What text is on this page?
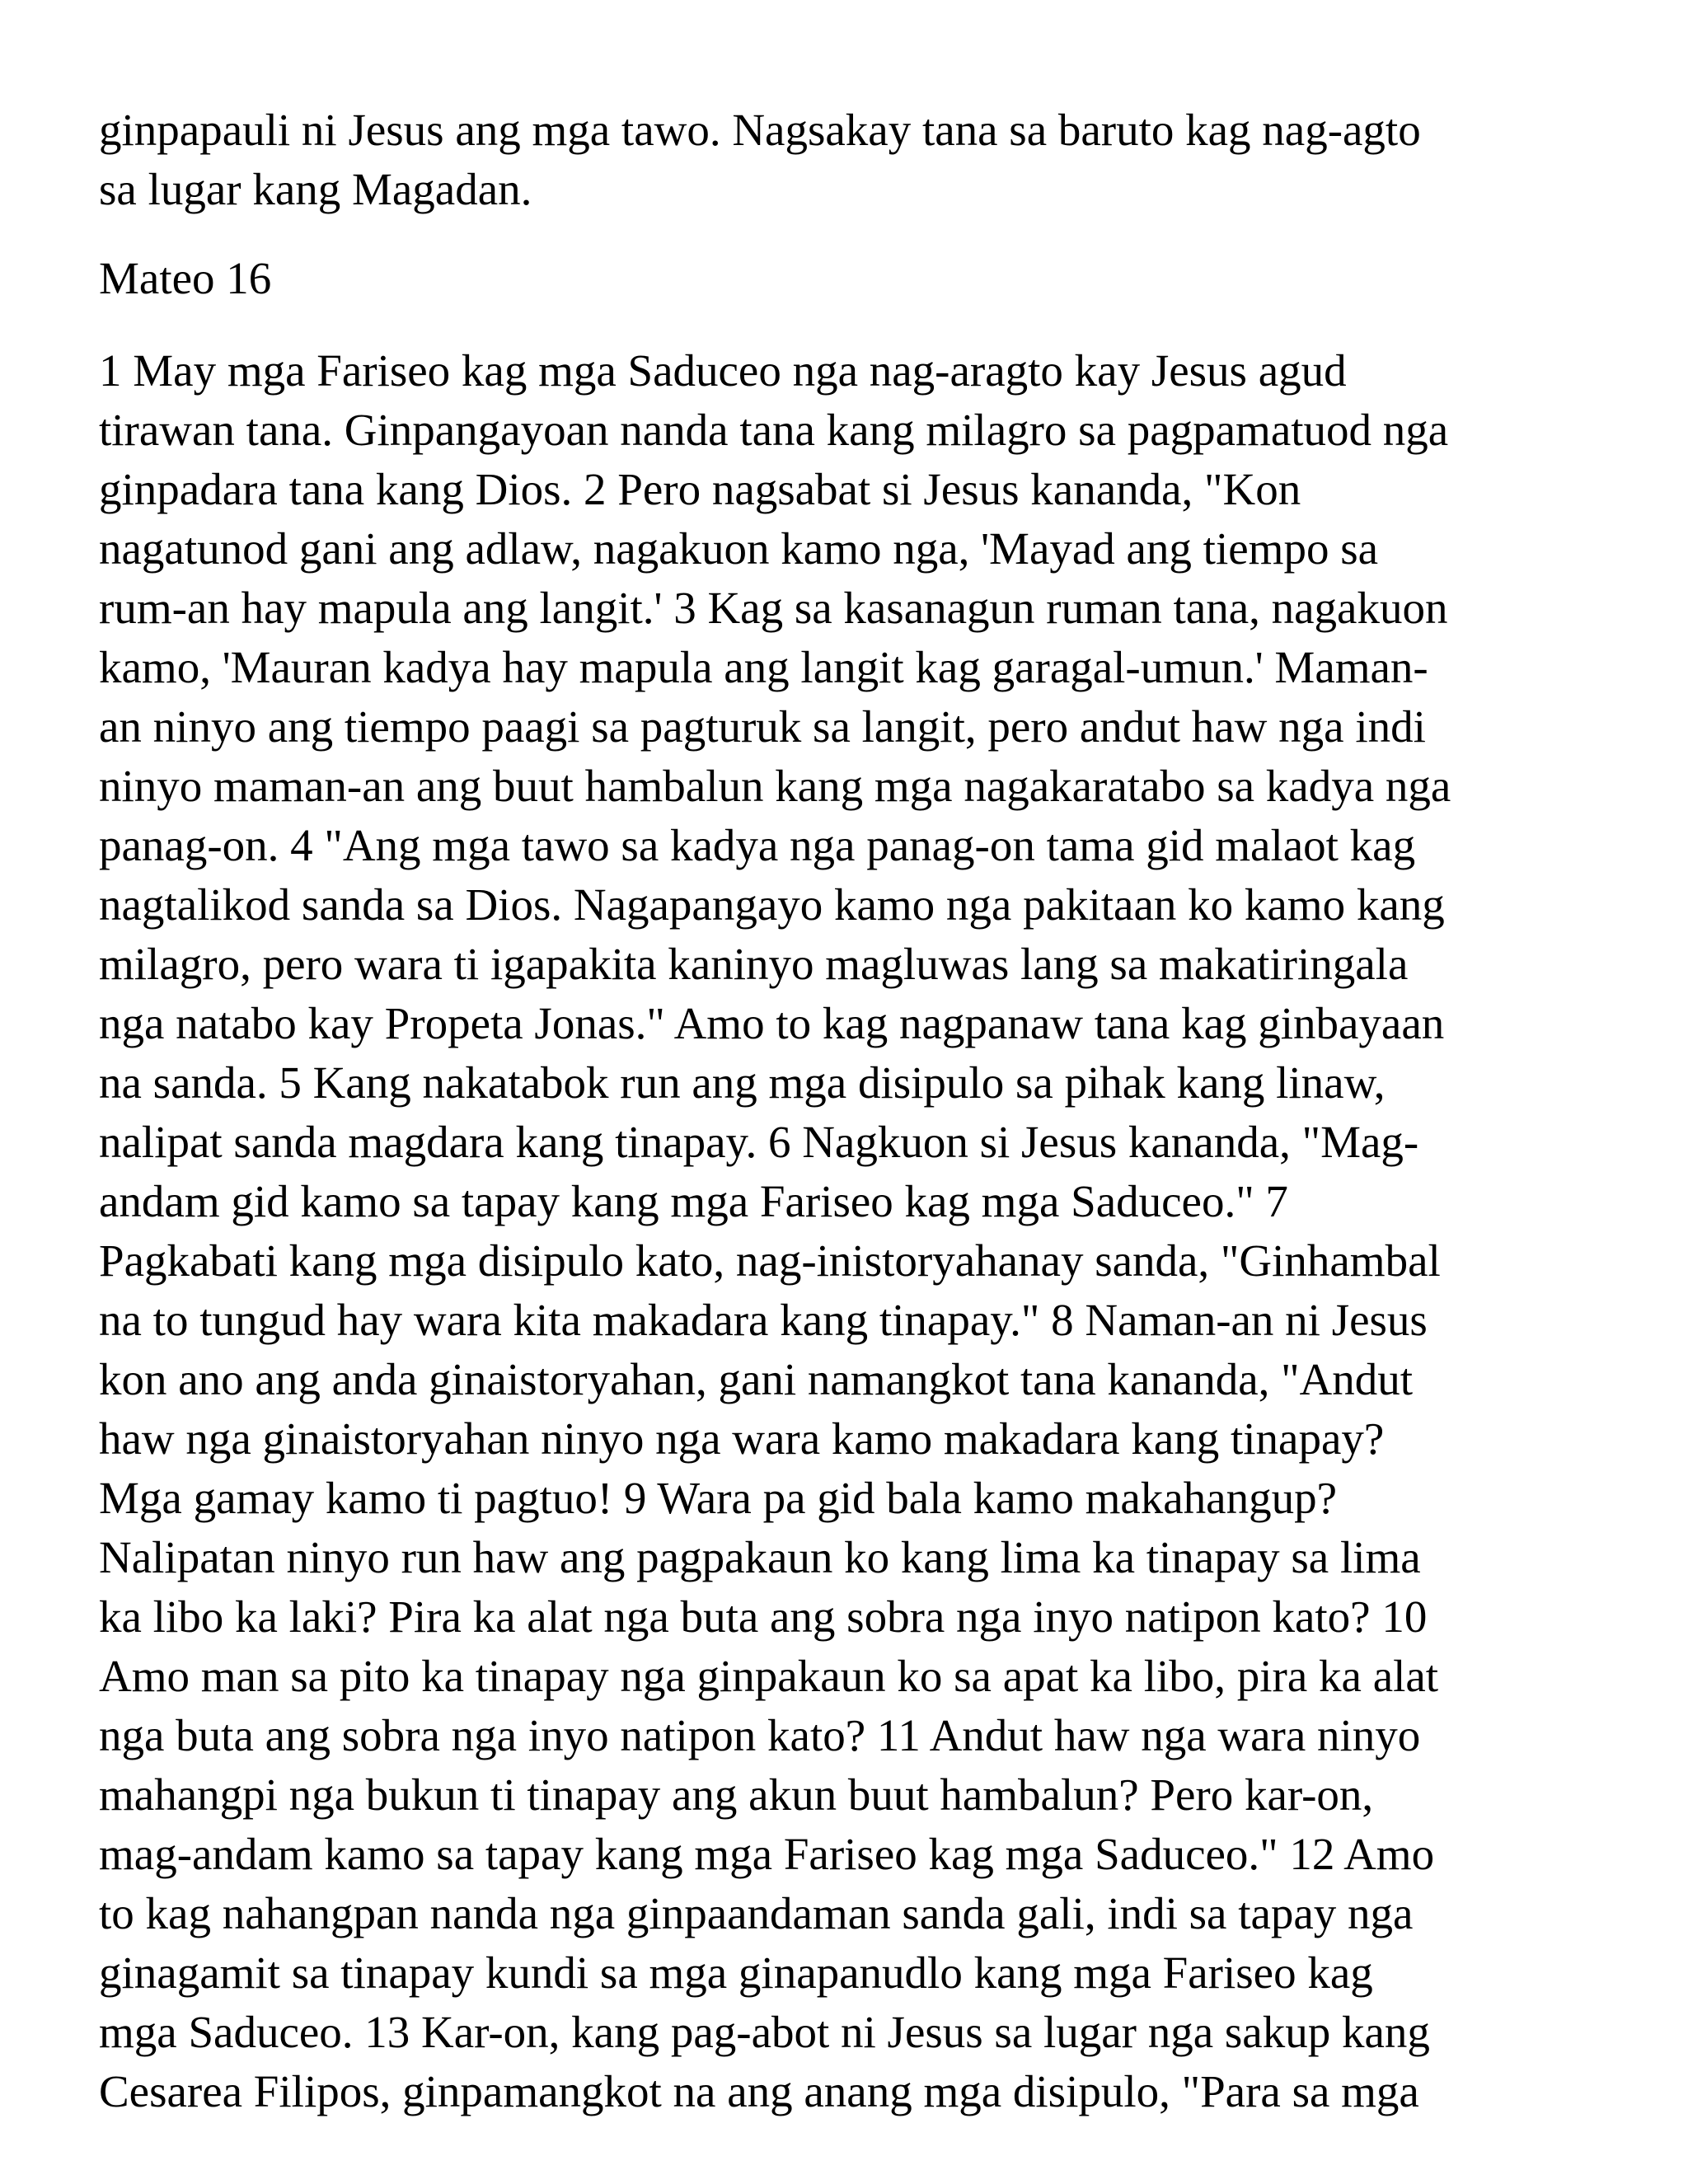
ginpapauli ni Jesus ang mga tawo. Nagsakay tana sa baruto kag nag-agto
sa lugar kang Magadan.
Mateo 16
1 May mga Fariseo kag mga Saduceo nga nag-aragto kay Jesus agud
tirawan tana. Ginpangayoan nanda tana kang milagro sa pagpamatuod nga
ginpadara tana kang Dios. 2 Pero nagsabat si Jesus kananda, "Kon
nagatunod gani ang adlaw, nagakuon kamo nga, 'Mayad ang tiempo sa
rum-an hay mapula ang langit.' 3 Kag sa kasanagun ruman tana, nagakuon
kamo, 'Mauran kadya hay mapula ang langit kag garagal-umun.' Maman-
an ninyo ang tiempo paagi sa pagturuk sa langit, pero andut haw nga indi
ninyo maman-an ang buut hambalun kang mga nagakaratabo sa kadya nga
panag-on. 4 "Ang mga tawo sa kadya nga panag-on tama gid malaot kag
nagtalikod sanda sa Dios. Nagapangayo kamo nga pakitaan ko kamo kang
milagro, pero wara ti igapakita kaninyo magluwas lang sa makatiringala
nga natabo kay Propeta Jonas." Amo to kag nagpanaw tana kag ginbayaan
na sanda. 5 Kang nakatabok run ang mga disipulo sa pihak kang linaw,
nalipat sanda magdara kang tinapay. 6 Nagkuon si Jesus kananda, "Mag-
andam gid kamo sa tapay kang mga Fariseo kag mga Saduceo." 7
Pagkabati kang mga disipulo kato, nag-inistoryahanay sanda, "Ginhambal
na to tungud hay wara kita makadara kang tinapay." 8 Naman-an ni Jesus
kon ano ang anda ginaistoryahan, gani namangkot tana kananda, "Andut
haw nga ginaistoryahan ninyo nga wara kamo makadara kang tinapay?
Mga gamay kamo ti pagtuo! 9 Wara pa gid bala kamo makahangup?
Nalipatan ninyo run haw ang pagpakaun ko kang lima ka tinapay sa lima
ka libo ka laki? Pira ka alat nga buta ang sobra nga inyo natipon kato? 10
Amo man sa pito ka tinapay nga ginpakaun ko sa apat ka libo, pira ka alat
nga buta ang sobra nga inyo natipon kato? 11 Andut haw nga wara ninyo
mahangpi nga bukun ti tinapay ang akun buut hambalun? Pero kar-on,
mag-andam kamo sa tapay kang mga Fariseo kag mga Saduceo." 12 Amo
to kag nahangpan nanda nga ginpaandaman sanda gali, indi sa tapay nga
ginagamit sa tinapay kundi sa mga ginapanudlo kang mga Fariseo kag
mga Saduceo. 13 Kar-on, kang pag-abot ni Jesus sa lugar nga sakup kang
Cesarea Filipos, ginpamangkot na ang anang mga disipulo, "Para sa mga
